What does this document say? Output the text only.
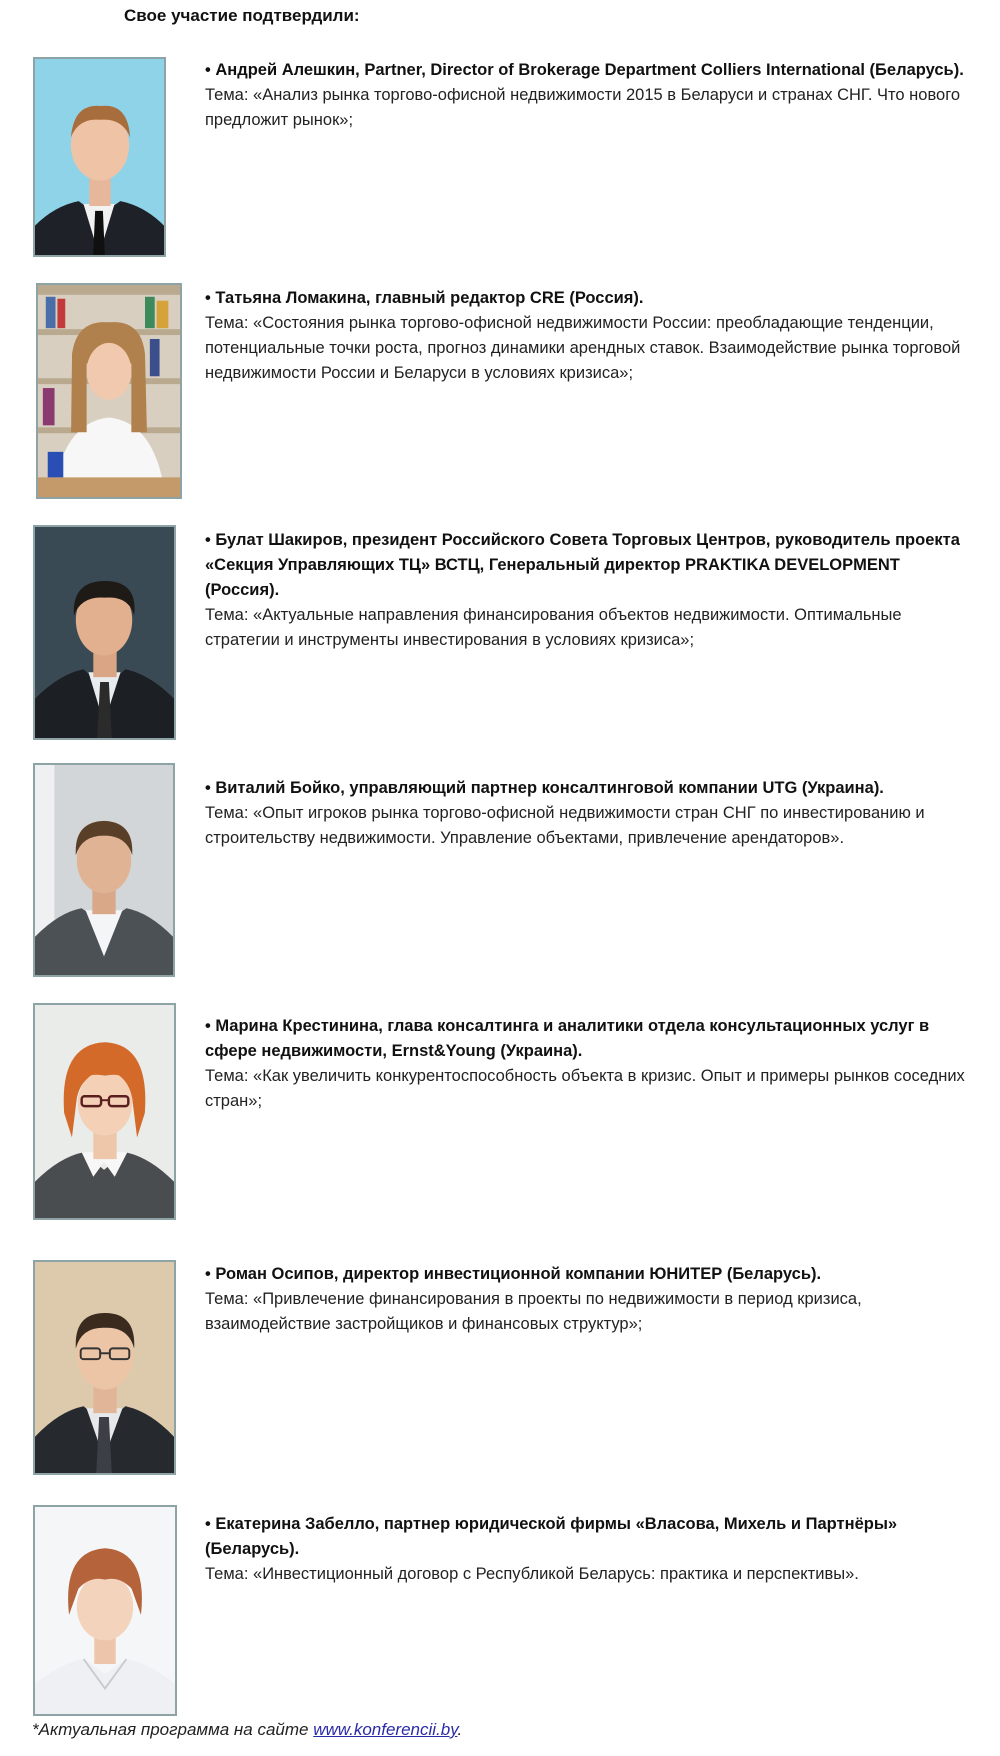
Свое участие подтвердили:
• Андрей Алешкин, Partner, Director of Brokerage Department Colliers International (Беларусь).
Тема: «Анализ рынка торгово-офисной недвижимости 2015 в Беларуси и странах СНГ. Что нового предложит рынок»;
• Татьяна Ломакина, главный редактор CRE (Россия).
Тема: «Состояния рынка торгово-офисной недвижимости России: преобладающие тенденции, потенциальные точки роста, прогноз динамики арендных ставок. Взаимодействие рынка торговой недвижимости России и Беларуси в условиях кризиса»;
• Булат Шакиров, президент Российского Совета Торговых Центров, руководитель проекта «Секция Управляющих ТЦ» ВСТЦ, Генеральный директор PRAKTIKA DEVELOPMENT (Россия).
Тема: «Актуальные направления финансирования объектов недвижимости. Оптимальные стратегии и инструменты инвестирования в условиях кризиса»;
• Виталий Бойко, управляющий партнер консалтинговой компании UTG (Украина).
Тема: «Опыт игроков рынка торгово-офисной недвижимости стран СНГ по инвестированию и строительству недвижимости. Управление объектами, привлечение арендаторов».
• Марина Крестинина, глава консалтинга и аналитики отдела консультационных услуг в сфере недвижимости, Ernst&Young (Украина).
Тема: «Как увеличить конкурентоспособность объекта в кризис. Опыт и примеры рынков соседних стран»;
• Роман Осипов, директор инвестиционной компании ЮНИТЕР (Беларусь).
Тема: «Привлечение финансирования в проекты по недвижимости в период кризиса, взаимодействие застройщиков и финансовых структур»;
• Екатерина Забелло, партнер юридической фирмы «Власова, Михель и Партнёры» (Беларусь).
Тема: «Инвестиционный договор с Республикой Беларусь: практика и перспективы».
*Актуальная программа на сайте www.konferencii.by.
